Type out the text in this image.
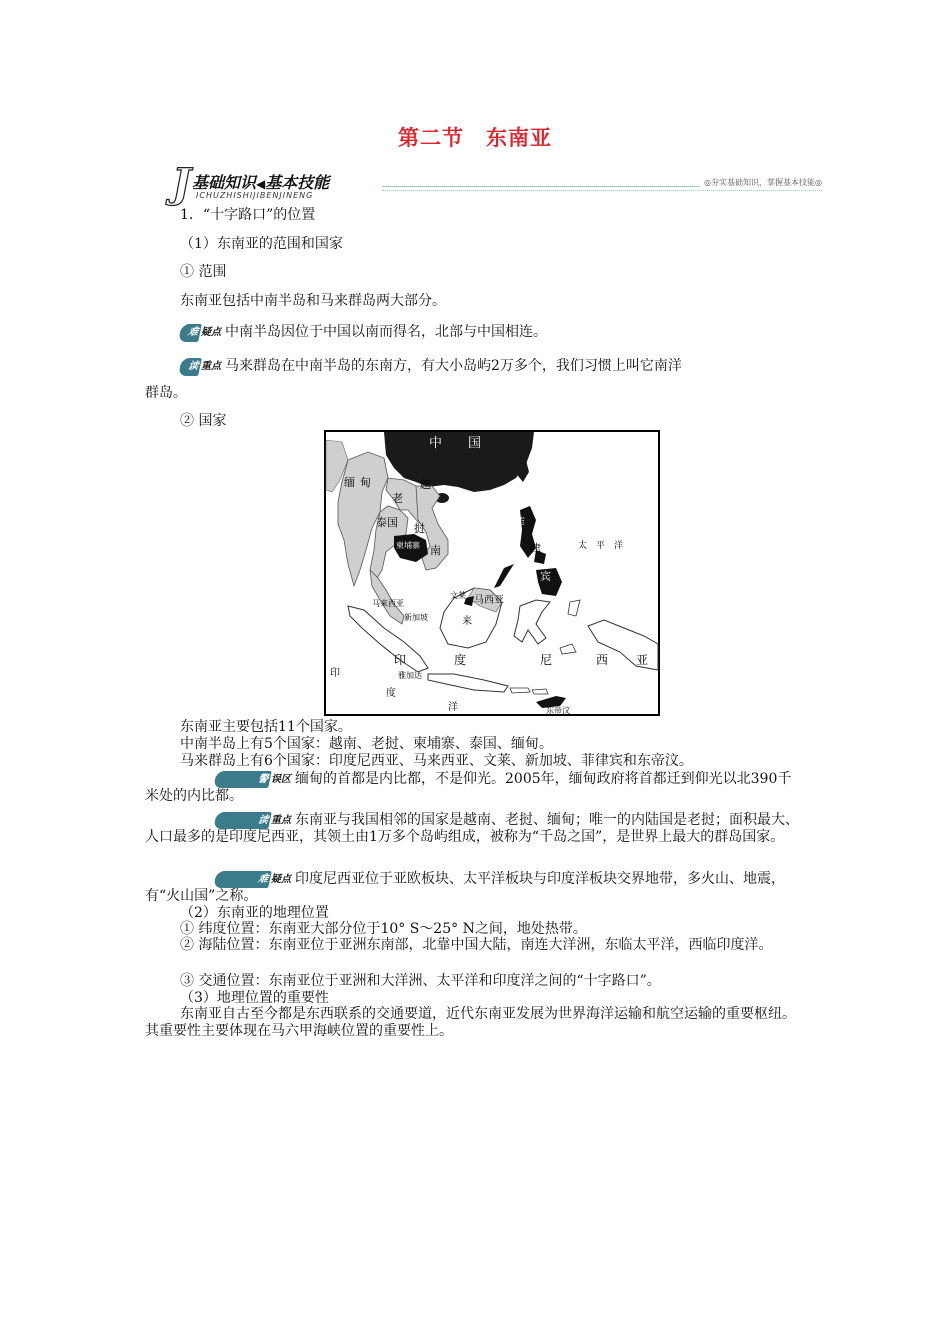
第二节　东南亚
J 基础知识◀基本技能
ICHUZHISHIJIBENJINENG
◎夯实基础知识，掌握基本技能◎
1．“十字路口”的位置
（1）东南亚的范围和国家
① 范围
东南亚包括中南半岛和马来群岛两大部分。
难 疑点 中南半岛因位于中国以南而得名，北部与中国相连。
读 重点 马来群岛在中南半岛的东南方，有大小岛屿2万多个，我们习惯上叫它南洋
群岛。
② 国家
中　　国
缅 甸
老
越
南
泰国 挝
柬埔寨
菲
律
宾
太　平　洋
马来西亚
文莱
新加坡
马
来
西 亚
印	度	尼	西 亚
雅加达
印
度
洋	东帝汶
东南亚主要包括11个国家。
中南半岛上有5个国家：越南、老挝、柬埔寨、泰国、缅甸。
马来群岛上有6个国家：印度尼西亚、马来西亚、文莱、新加坡、菲律宾和东帝汶。
警 误区 缅甸的首都是内比都，不是仰光。2005年，缅甸政府将首都迁到仰光以北390千米处的内比都。
读 重点 东南亚与我国相邻的国家是越南、老挝、缅甸；唯一的内陆国是老挝；面积最大、人口最多的是印度尼西亚，其领土由1万多个岛屿组成，被称为“千岛之国”，是世界上最大的群岛国家。
难 疑点 印度尼西亚位于亚欧板块、太平洋板块与印度洋板块交界地带，多火山、地震，有“火山国”之称。
（2）东南亚的地理位置
① 纬度位置：东南亚大部分位于10° S～25° N之间，地处热带。
② 海陆位置：东南亚位于亚洲东南部，北靠中国大陆，南连大洋洲，东临太平洋，西临印度洋。
③ 交通位置：东南亚位于亚洲和大洋洲、太平洋和印度洋之间的“十字路口”。
（3）地理位置的重要性
东南亚自古至今都是东西联系的交通要道，近代东南亚发展为世界海洋运输和航空运输的重要枢纽。其重要性主要体现在马六甲海峡位置的重要性上。
